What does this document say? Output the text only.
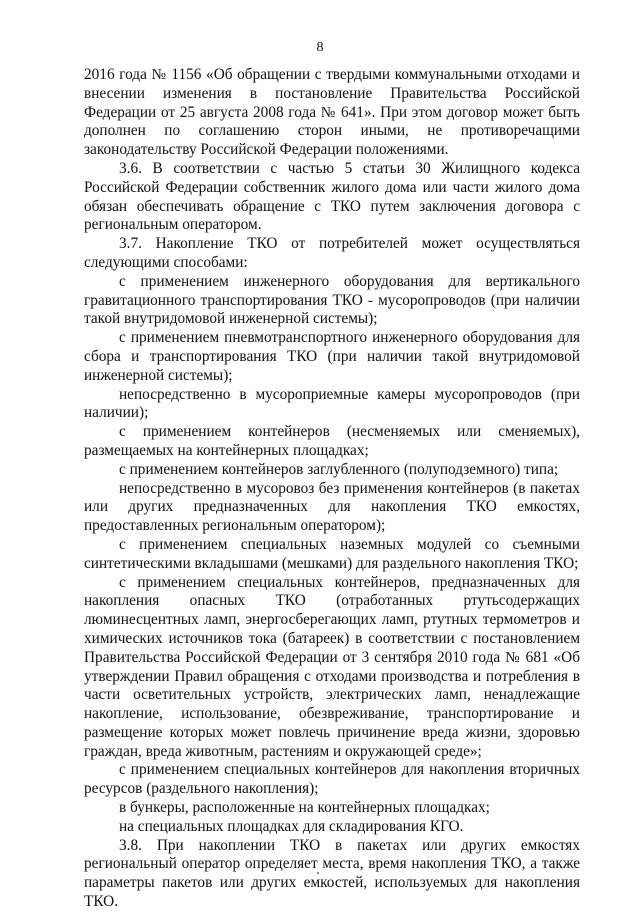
8

2016 года № 1156 «Об обращении с твердыми коммунальными отходами и внесении изменения в постановление Правительства Российской Федерации от 25 августа 2008 года № 641». При этом договор может быть дополнен по соглашению сторон иными, не противоречащими законодательству Российской Федерации положениями.

3.6. В соответствии с частью 5 статьи 30 Жилищного кодекса Российской Федерации собственник жилого дома или части жилого дома обязан обеспечивать обращение с ТКО путем заключения договора с региональным оператором.

3.7. Накопление ТКО от потребителей может осуществляться следующими способами:

с применением инженерного оборудования для вертикального гравитационного транспортирования ТКО - мусоропроводов (при наличии такой внутридомовой инженерной системы);

с применением пневмотранспортного инженерного оборудования для сбора и транспортирования ТКО (при наличии такой внутридомовой инженерной системы);

непосредственно в мусороприемные камеры мусоропроводов (при наличии);

с применением контейнеров (несменяемых или сменяемых), размещаемых на контейнерных площадках;

с применением контейнеров заглубленного (полуподземного) типа;

непосредственно в мусоровоз без применения контейнеров (в пакетах или других предназначенных для накопления ТКО емкостях, предоставленных региональным оператором);

с применением специальных наземных модулей со съемными синтетическими вкладышами (мешками) для раздельного накопления ТКО;

с применением специальных контейнеров, предназначенных для накопления опасных ТКО (отработанных ртутьсодержащих люминесцентных ламп, энергосберегающих ламп, ртутных термометров и химических источников тока (батареек) в соответствии с постановлением Правительства Российской Федерации от 3 сентября 2010 года № 681 «Об утверждении Правил обращения с отходами производства и потребления в части осветительных устройств, электрических ламп, ненадлежащие накопление, использование, обезвреживание, транспортирование и размещение которых может повлечь причинение вреда жизни, здоровью граждан, вреда животным, растениям и окружающей среде»;

с применением специальных контейнеров для накопления вторичных ресурсов (раздельного накопления);

в бункеры, расположенные на контейнерных площадках;

на специальных площадках для складирования КГО.

3.8. При накоплении ТКО в пакетах или других емкостях региональный оператор определяет места, время накопления ТКО, а также параметры пакетов или других емкостей, используемых для накопления ТКО.
